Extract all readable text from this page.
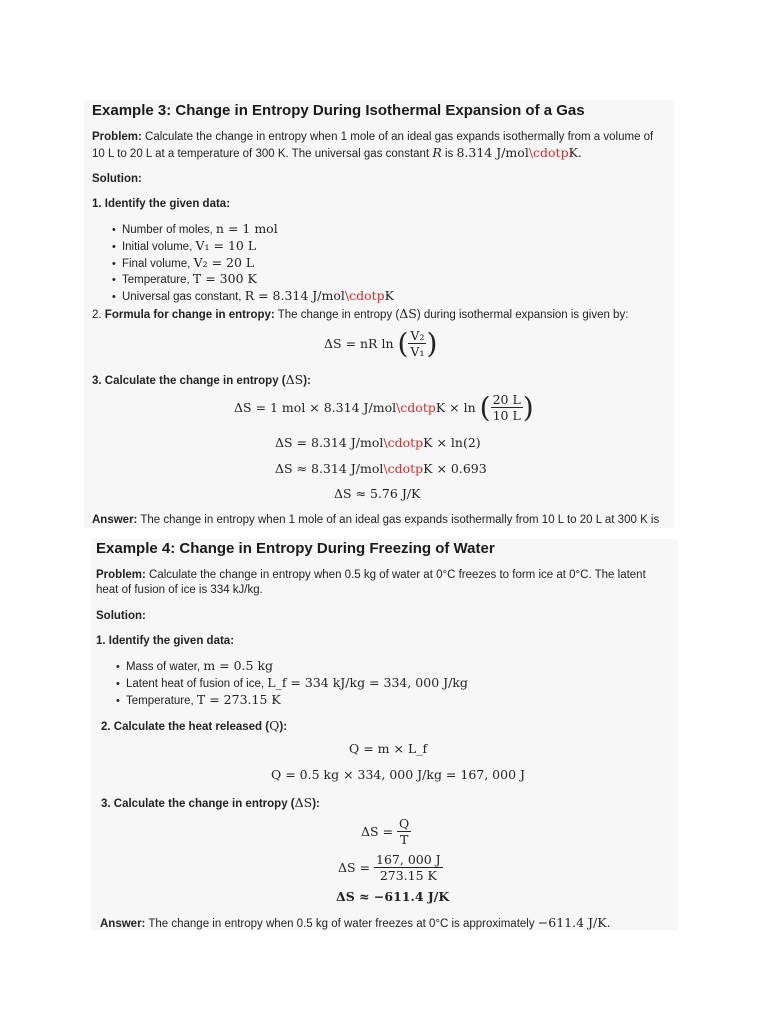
Example 3: Change in Entropy During Isothermal Expansion of a Gas
Problem: Calculate the change in entropy when 1 mole of an ideal gas expands isothermally from a volume of
10 L to 20 L at a temperature of 300 K. The universal gas constant R is 8.314 J/mol\cdotpK.
Solution:
1. Identify the given data:
•  Number of moles, n = 1 mol
•  Initial volume, V₁ = 10 L
•  Final volume, V₂ = 20 L
•  Temperature, T = 300 K
•  Universal gas constant, R = 8.314 J/mol\cdotpK
2. Formula for change in entropy: The change in entropy (ΔS) during isothermal expansion is given by:
ΔS = nR ln
( $\frac{\text{V₂}}{\text{V₁}}$ )
3. Calculate the change in entropy (ΔS):
ΔS = 1 mol × 8.314 J/mol \cdotp K × ln
( $\frac{20 L}{10 L}$ )
ΔS = 8.314 J/mol\cdotpK × ln(2)
ΔS ≈ 8.314 J/mol\cdotpK × 0.693
ΔS ≈ 5.76 J/K
Answer: The change in entropy when 1 mole of an ideal gas expands isothermally from 10 L to 20 L at 300 K is
Example 4: Change in Entropy During Freezing of Water
Problem: Calculate the change in entropy when 0.5 kg of water at 0°C freezes to form ice at 0°C. The latent
heat of fusion of ice is 334 kJ/kg.
Solution:
1. Identify the given data:
•  Mass of water, m = 0.5 kg
•  Latent heat of fusion of ice, L_f = 334 kJ/kg = 334, 000 J/kg
•  Temperature, T = 273.15 K
2. Calculate the heat released (Q):
Q = m × L_f
Q = 0.5 kg × 334, 000 J/kg = 167, 000 J
3. Calculate the change in entropy (ΔS):
ΔS =
$\frac{Q}{T}$
ΔS =
$\frac{167, 000 J}{273.15 K}$
ΔS ≈ −611.4 J/K
Answer: The change in entropy when 0.5 kg of water freezes at 0°C is approximately −611.4 J/K.
